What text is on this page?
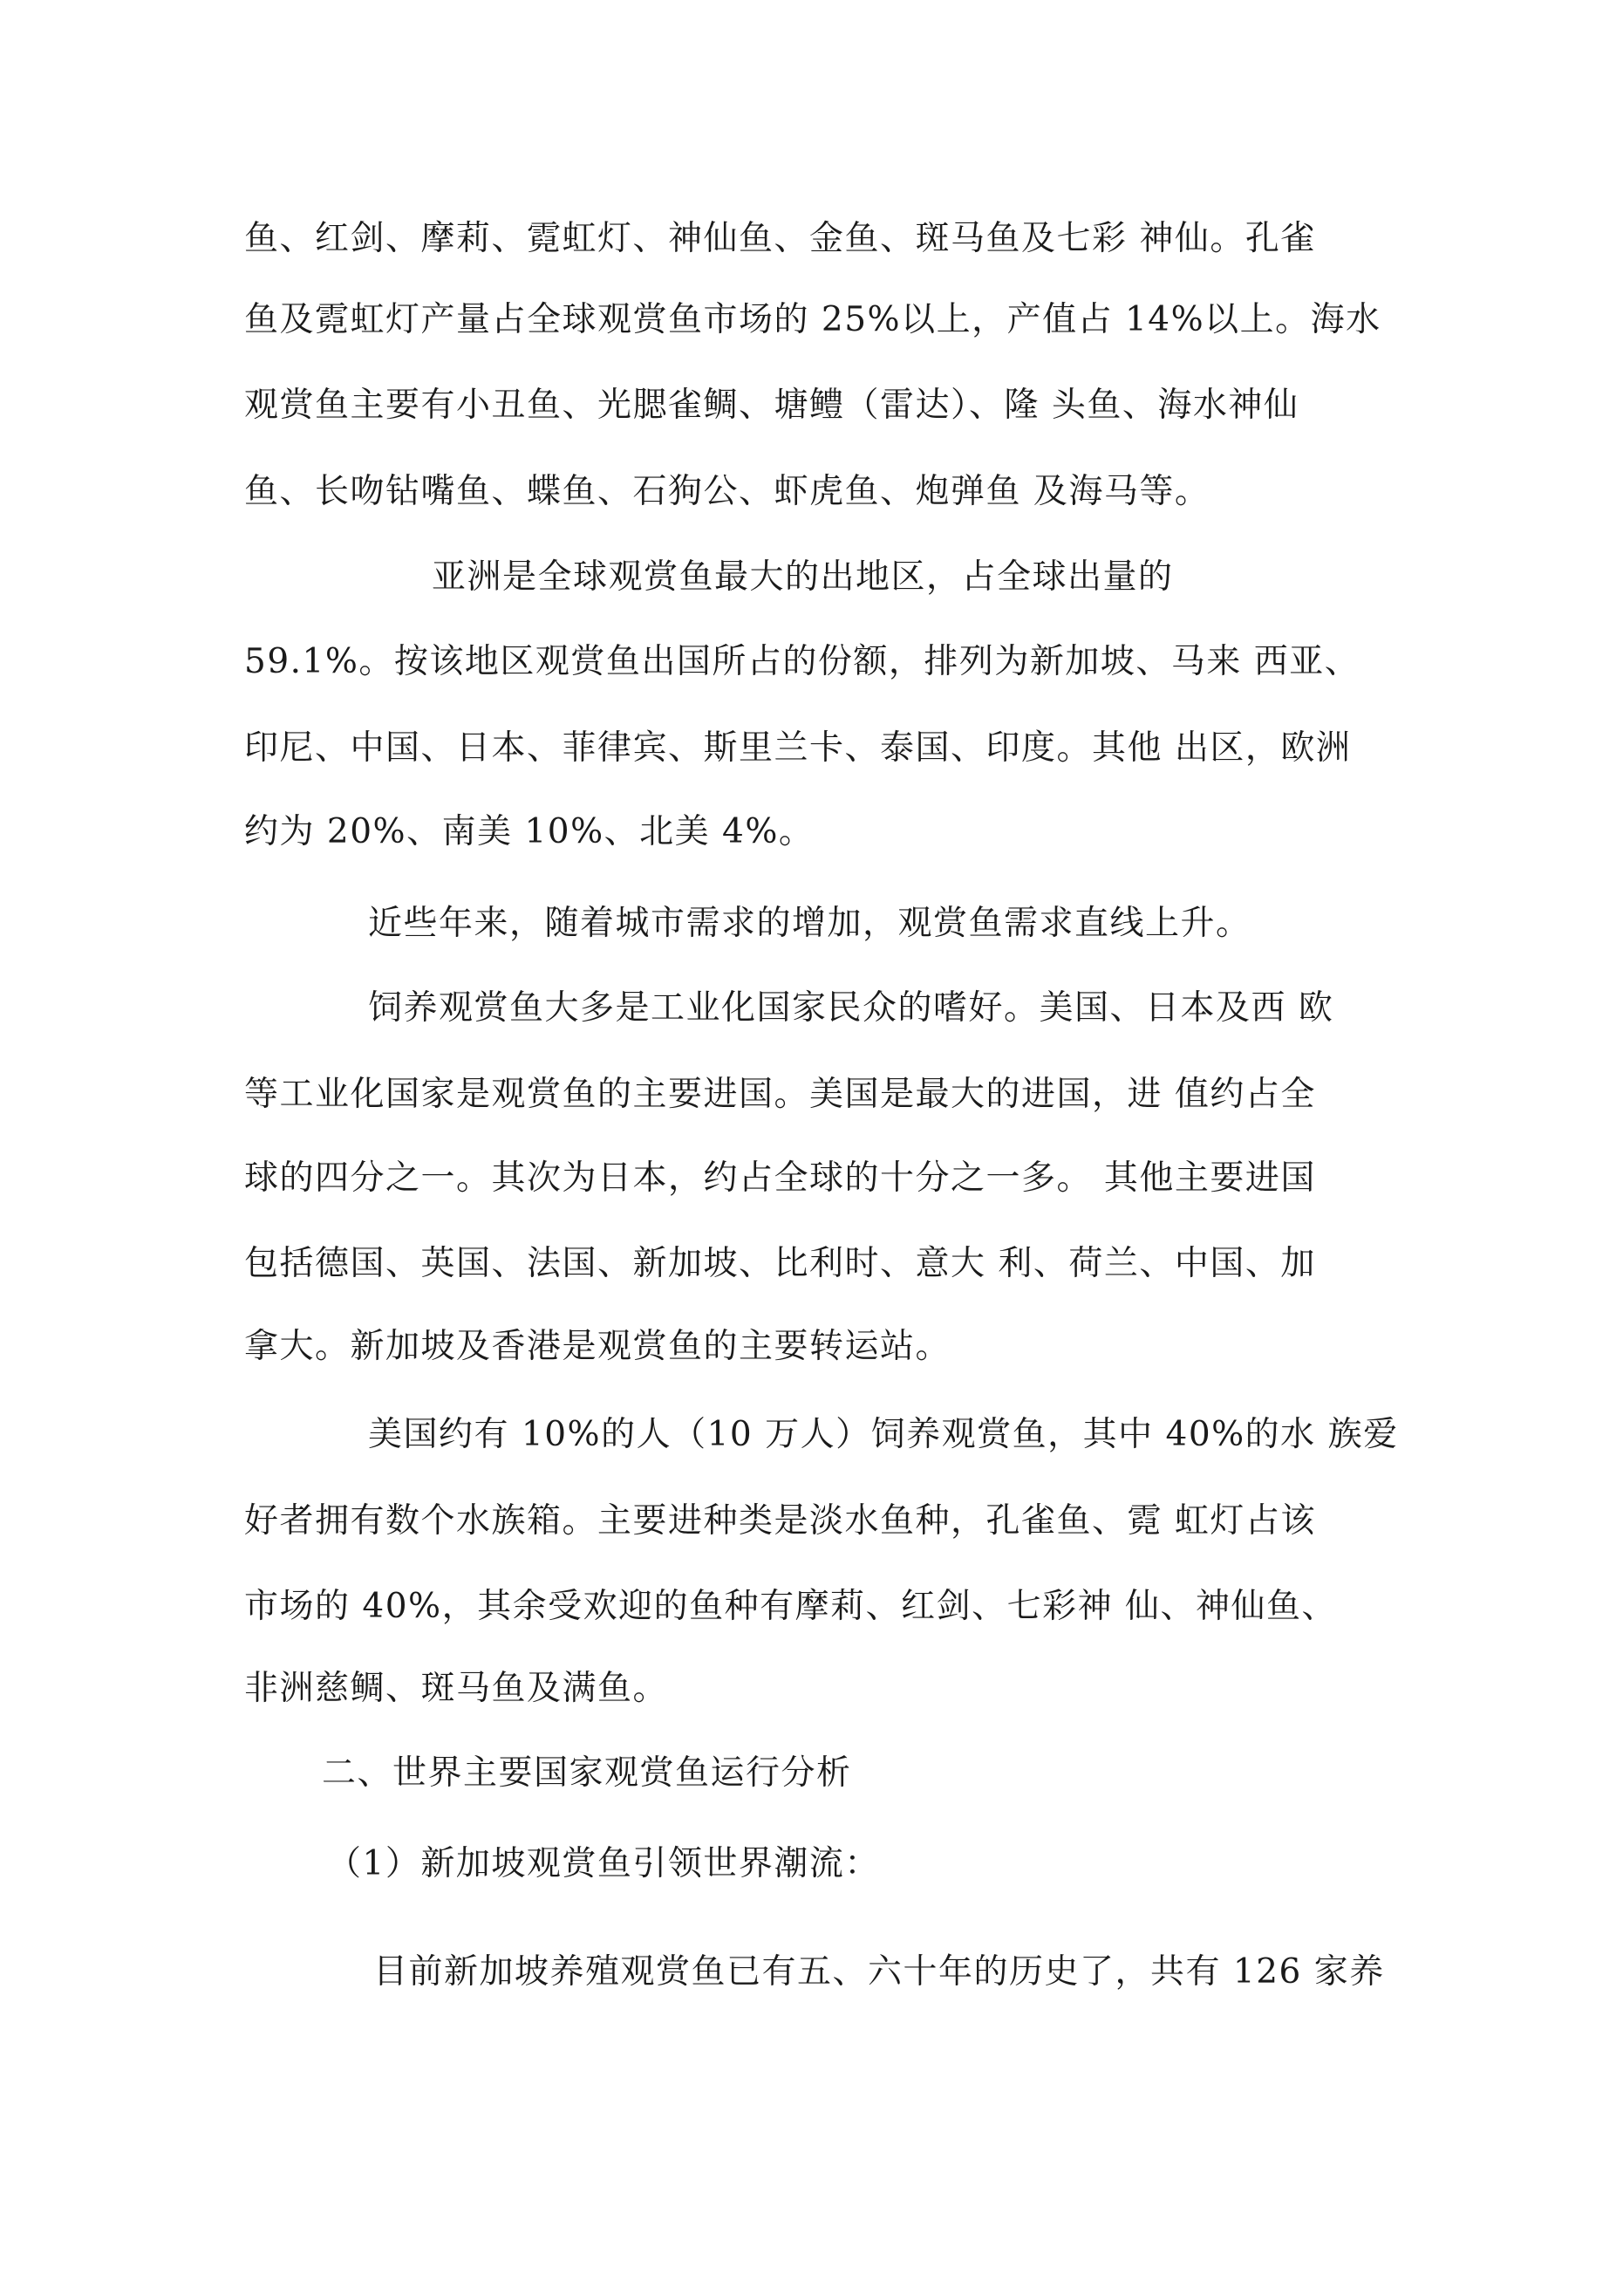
鱼、红剑、摩莉、霓虹灯、神仙鱼、金鱼、斑马鱼及七彩 神仙。孔雀

鱼及霓虹灯产量占全球观赏鱼市场的 25%以上，产值占 14%以上。海水

观赏鱼主要有小丑鱼、光腮雀鲷、塘鳢（雷达）、隆 头鱼、海水神仙

鱼、长吻钻嘴鱼、蝶鱼、石狗公、虾虎鱼、炮弹鱼 及海马等。

亚洲是全球观赏鱼最大的出地区，占全球出量的

59.1%。按该地区观赏鱼出国所占的份额，排列为新加坡、马来 西亚、

印尼、中国、日本、菲律宾、斯里兰卡、泰国、印度。其他 出区，欧洲

约为 20%、南美 10%、北美 4%。

近些年来，随着城市需求的增加，观赏鱼需求直线上升。

饲养观赏鱼大多是工业化国家民众的嗜好。美国、日本及西 欧

等工业化国家是观赏鱼的主要进国。美国是最大的进国，进 值约占全

球的四分之一。其次为日本，约占全球的十分之一多。 其他主要进国

包括德国、英国、法国、新加坡、比利时、意大 利、荷兰、中国、加

拿大。新加坡及香港是观赏鱼的主要转运站。

美国约有 10%的人（10 万人）饲养观赏鱼，其中 40%的水 族爱

好者拥有数个水族箱。主要进种类是淡水鱼种，孔雀鱼、霓 虹灯占该

市场的 40%，其余受欢迎的鱼种有摩莉、红剑、七彩神 仙、神仙鱼、

非洲慈鲷、斑马鱼及满鱼。

二、世界主要国家观赏鱼运行分析

（1）新加坡观赏鱼引领世界潮流：

目前新加坡养殖观赏鱼已有五、六十年的历史了，共有 126 家养
